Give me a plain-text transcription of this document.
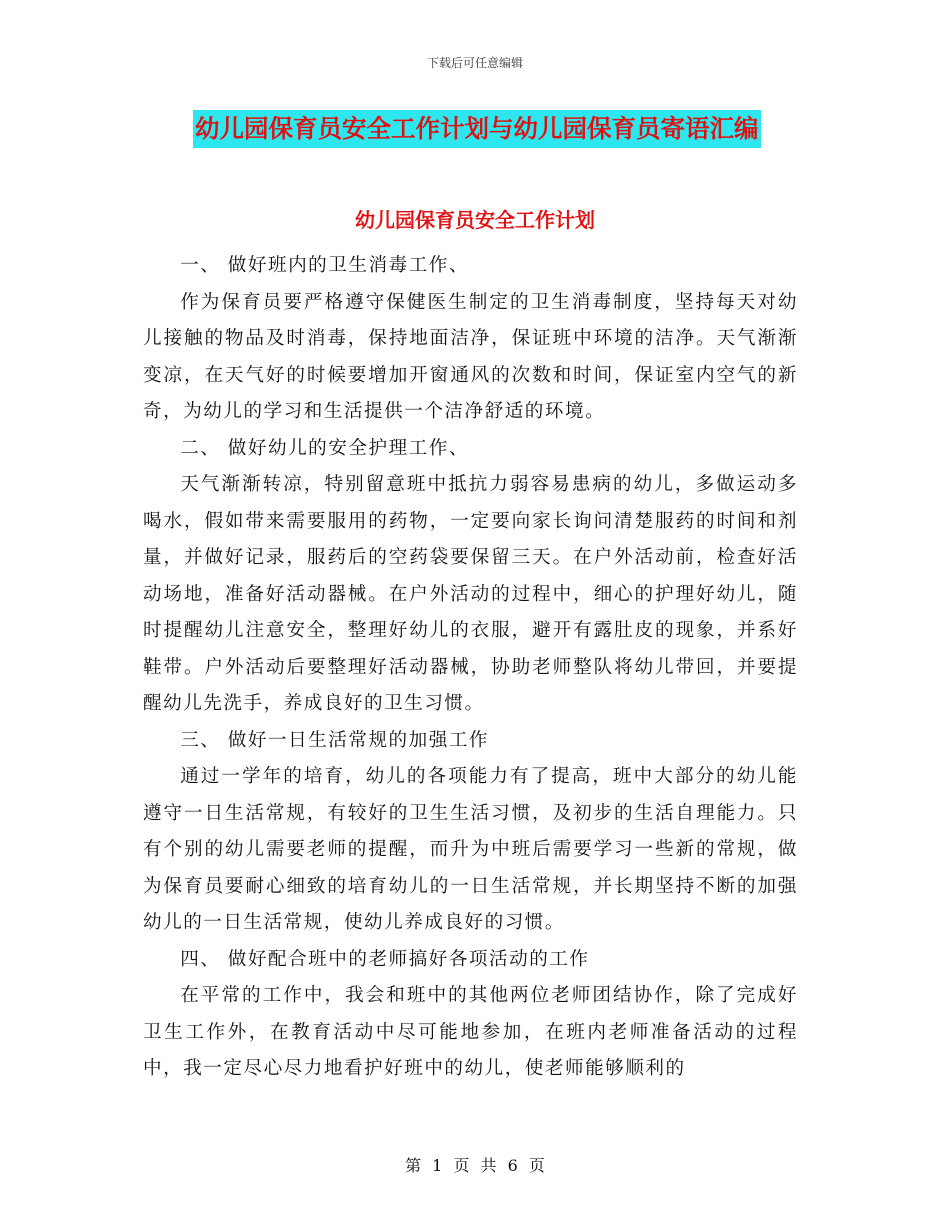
下载后可任意编辑
幼儿园保育员安全工作计划与幼儿园保育员寄语汇编
幼儿园保育员安全工作计划

一、 做好班内的卫生消毒工作、

作为保育员要严格遵守保健医生制定的卫生消毒制度，坚持每天对幼儿接触的物品及时消毒，保持地面洁净，保证班中环境的洁净。天气渐渐变凉，在天气好的时候要增加开窗通风的次数和时间，保证室内空气的新奇，为幼儿的学习和生活提供一个洁净舒适的环境。

二、 做好幼儿的安全护理工作、

天气渐渐转凉，特别留意班中抵抗力弱容易患病的幼儿，多做运动多喝水，假如带来需要服用的药物，一定要向家长询问清楚服药的时间和剂量，并做好记录，服药后的空药袋要保留三天。在户外活动前，检查好活动场地，准备好活动器械。在户外活动的过程中，细心的护理好幼儿，随时提醒幼儿注意安全，整理好幼儿的衣服，避开有露肚皮的现象，并系好鞋带。户外活动后要整理好活动器械，协助老师整队将幼儿带回，并要提醒幼儿先洗手，养成良好的卫生习惯。

三、 做好一日生活常规的加强工作

通过一学年的培育，幼儿的各项能力有了提高，班中大部分的幼儿能遵守一日生活常规，有较好的卫生生活习惯，及初步的生活自理能力。只有个别的幼儿需要老师的提醒，而升为中班后需要学习一些新的常规，做为保育员要耐心细致的培育幼儿的一日生活常规，并长期坚持不断的加强幼儿的一日生活常规，使幼儿养成良好的习惯。

四、 做好配合班中的老师搞好各项活动的工作

在平常的工作中，我会和班中的其他两位老师团结协作，除了完成好卫生工作外，在教育活动中尽可能地参加，在班内老师准备活动的过程中，我一定尽心尽力地看护好班中的幼儿，使老师能够顺利的

第 1 页 共 6 页
